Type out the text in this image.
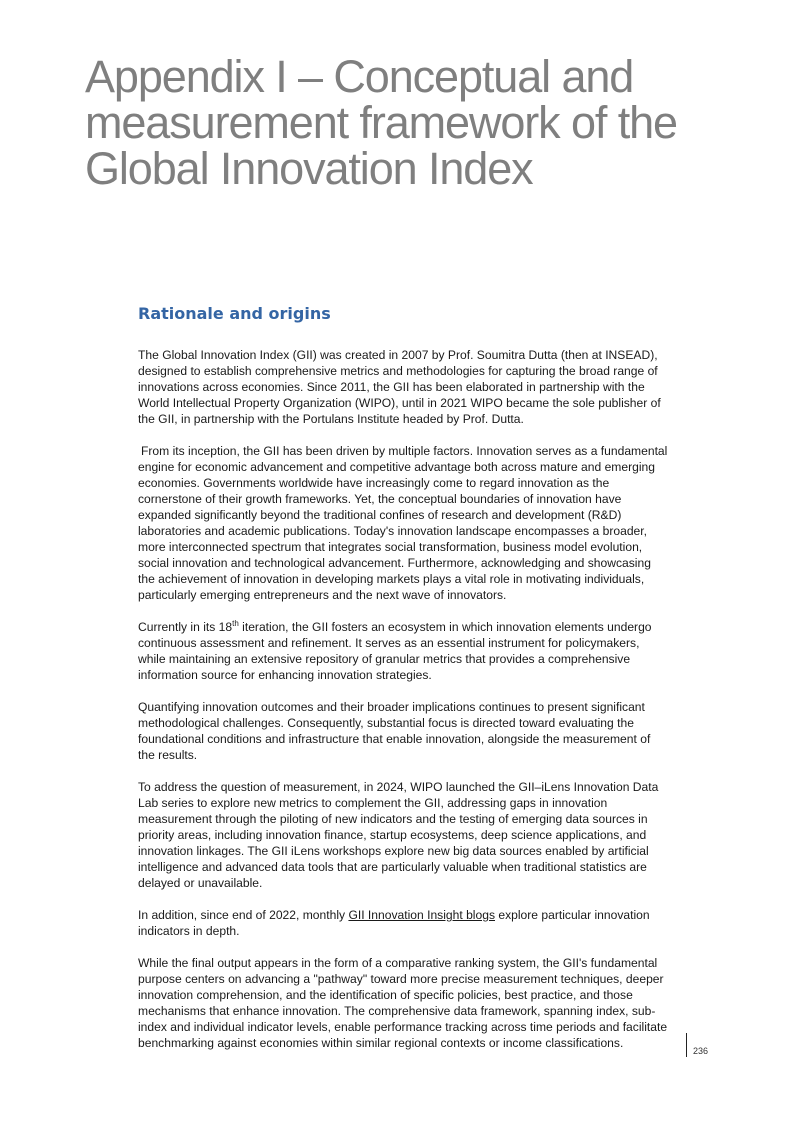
Appendix I – Conceptual and measurement framework of the Global Innovation Index
Rationale and origins

The Global Innovation Index (GII) was created in 2007 by Prof. Soumitra Dutta (then at INSEAD), designed to establish comprehensive metrics and methodologies for capturing the broad range of innovations across economies. Since 2011, the GII has been elaborated in partnership with the World Intellectual Property Organization (WIPO), until in 2021 WIPO became the sole publisher of the GII, in partnership with the Portulans Institute headed by Prof. Dutta.

From its inception, the GII has been driven by multiple factors. Innovation serves as a fundamental engine for economic advancement and competitive advantage both across mature and emerging economies. Governments worldwide have increasingly come to regard innovation as the cornerstone of their growth frameworks. Yet, the conceptual boundaries of innovation have expanded significantly beyond the traditional confines of research and development (R&D) laboratories and academic publications. Today's innovation landscape encompasses a broader, more interconnected spectrum that integrates social transformation, business model evolution, social innovation and technological advancement. Furthermore, acknowledging and showcasing the achievement of innovation in developing markets plays a vital role in motivating individuals, particularly emerging entrepreneurs and the next wave of innovators.

Currently in its 18th iteration, the GII fosters an ecosystem in which innovation elements undergo continuous assessment and refinement. It serves as an essential instrument for policymakers, while maintaining an extensive repository of granular metrics that provides a comprehensive information source for enhancing innovation strategies.

Quantifying innovation outcomes and their broader implications continues to present significant methodological challenges. Consequently, substantial focus is directed toward evaluating the foundational conditions and infrastructure that enable innovation, alongside the measurement of the results.

To address the question of measurement, in 2024, WIPO launched the GII–iLens Innovation Data Lab series to explore new metrics to complement the GII, addressing gaps in innovation measurement through the piloting of new indicators and the testing of emerging data sources in priority areas, including innovation finance, startup ecosystems, deep science applications, and innovation linkages. The GII iLens workshops explore new big data sources enabled by artificial intelligence and advanced data tools that are particularly valuable when traditional statistics are delayed or unavailable.

In addition, since end of 2022, monthly GII Innovation Insight blogs explore particular innovation indicators in depth.

While the final output appears in the form of a comparative ranking system, the GII's fundamental purpose centers on advancing a "pathway" toward more precise measurement techniques, deeper innovation comprehension, and the identification of specific policies, best practice, and those mechanisms that enhance innovation. The comprehensive data framework, spanning index, sub-index and individual indicator levels, enable performance tracking across time periods and facilitate benchmarking against economies within similar regional contexts or income classifications.

236
